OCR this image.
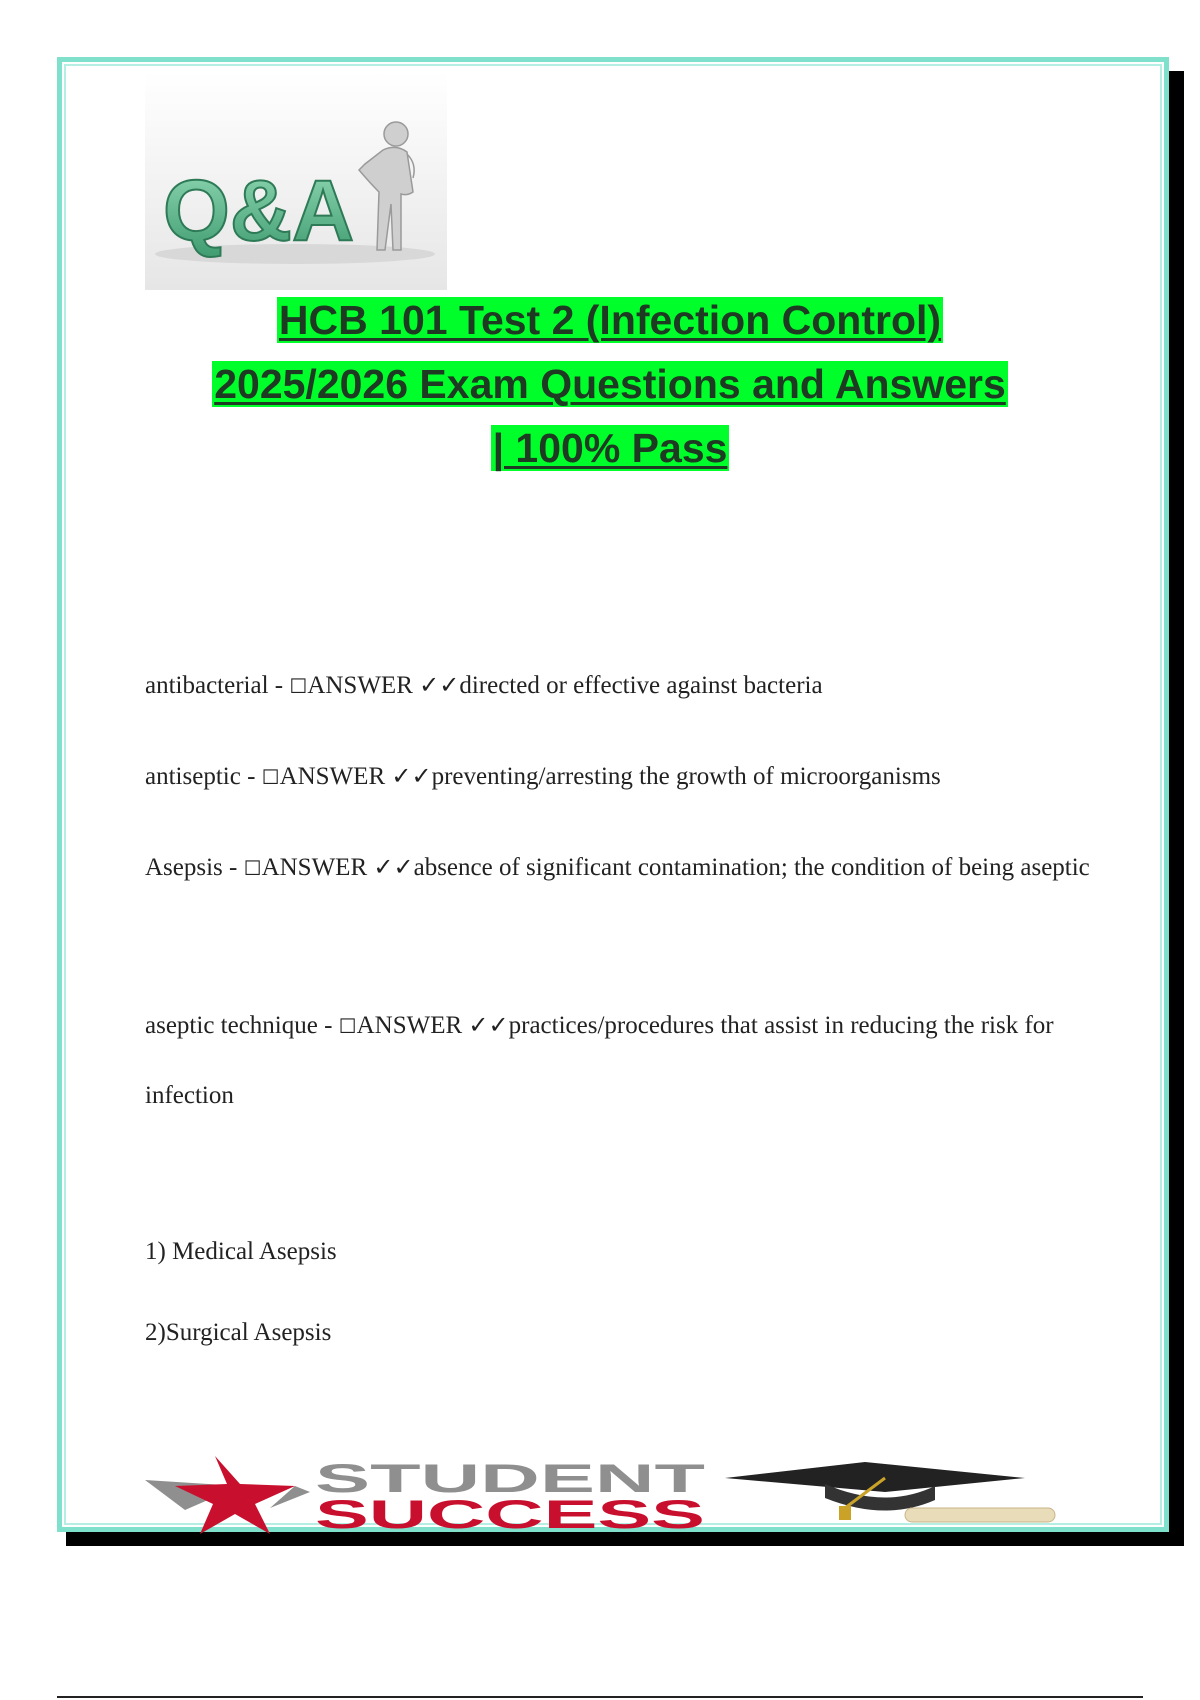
Q&A
HCB 101 Test 2 (Infection Control)
2025/2026 Exam Questions and Answers
| 100% Pass
antibacterial - ☐ANSWER ✓✓directed or effective against bacteria
antiseptic - ☐ANSWER ✓✓preventing/arresting the growth of microorganisms
Asepsis - ☐ANSWER ✓✓absence of significant contamination; the condition of being aseptic
aseptic technique - ☐ANSWER ✓✓practices/procedures that assist in reducing the risk for infection
1) Medical Asepsis
2)Surgical Asepsis
STUDENT
SUCCESS
